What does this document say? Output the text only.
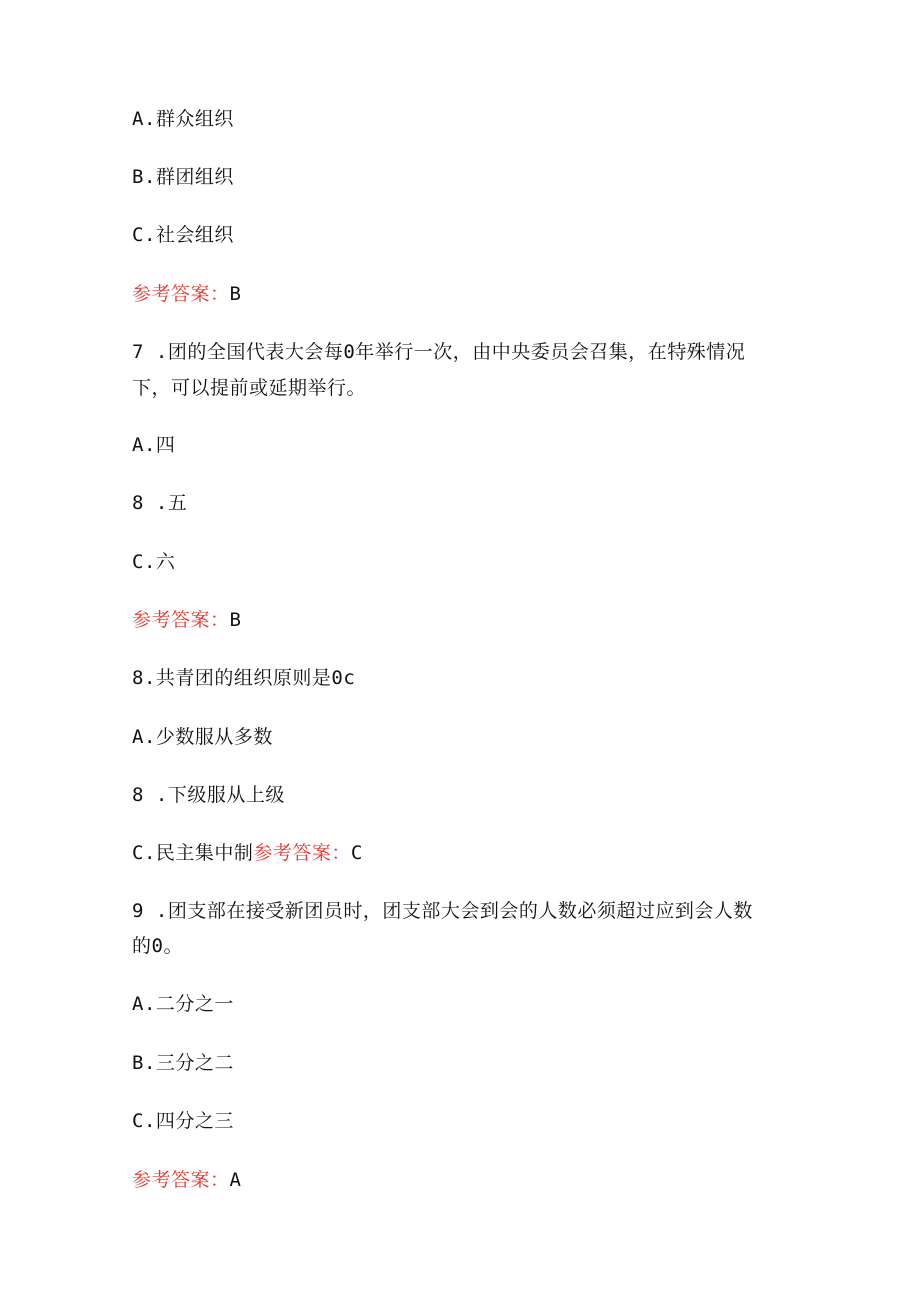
A.群众组织
B.群团组织
C.社会组织
参考答案：B
7 .团的全国代表大会每0年举行一次，由中央委员会召集，在特殊情况
下，可以提前或延期举行。
A.四
8 .五
C.六
参考答案：B
8.共青团的组织原则是0c
A.少数服从多数
8 .下级服从上级
C.民主集中制参考答案：C
9 .团支部在接受新团员时，团支部大会到会的人数必须超过应到会人数
的0。
A.二分之一
B.三分之二
C.四分之三
参考答案：A
